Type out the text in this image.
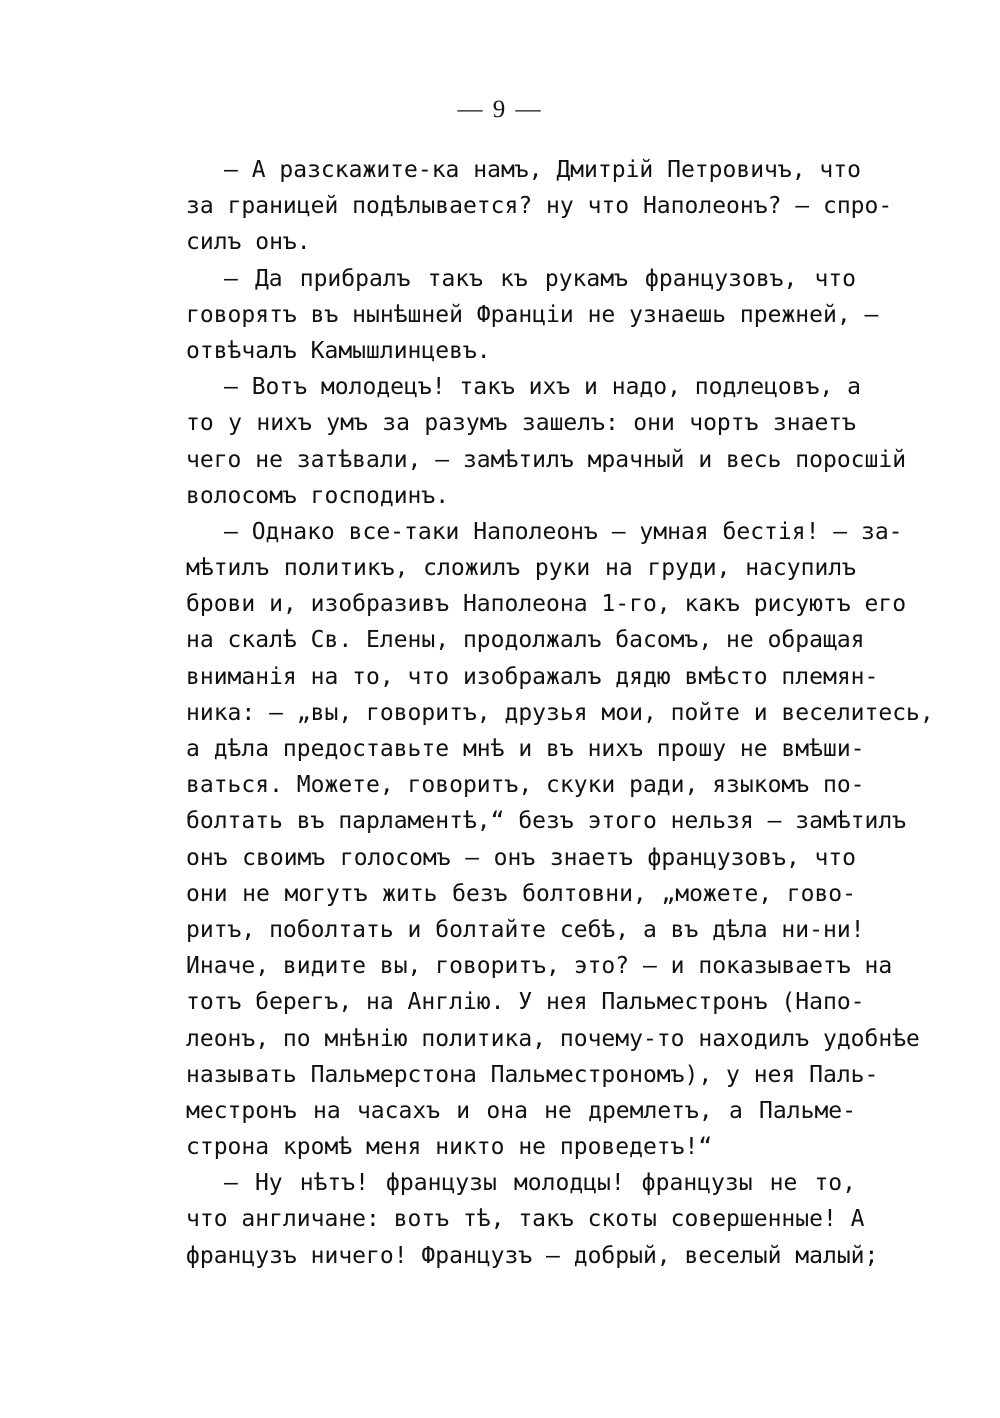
— 9 —
— А разскажите-ка намъ, Дмитрій Петровичъ, что
за границей подѣлывается? ну что Наполеонъ? — спро-
силъ онъ.
— Да прибралъ такъ къ рукамъ французовъ, что
говорятъ въ нынѣшней Франціи не узнаешь прежней, —
отвѣчалъ Камышлинцевъ.
— Вотъ молодецъ! такъ ихъ и надо, подлецовъ, а
то у нихъ умъ за разумъ зашелъ: они чортъ знаетъ
чего не затѣвали, — замѣтилъ мрачный и весь поросшій
волосомъ господинъ.
— Однако все-таки Наполеонъ — умная бестія! — за-
мѣтилъ политикъ, сложилъ руки на груди, насупилъ
брови и, изобразивъ Наполеона 1-го, какъ рисуютъ его
на скалѣ Св. Елены, продолжалъ басомъ, не обращая
вниманія на то, что изображалъ дядю вмѣсто племян-
ника: — „вы, говоритъ, друзья мои, пойте и веселитесь,
а дѣла предоставьте мнѣ и въ нихъ прошу не вмѣши-
ваться. Можете, говоритъ, скуки ради, языкомъ по-
болтать въ парламентѣ,“ безъ этого нельзя — замѣтилъ
онъ своимъ голосомъ — онъ знаетъ французовъ, что
они не могутъ жить безъ болтовни, „можете, гово-
ритъ, поболтать и болтайте себѣ, а въ дѣла ни-ни!
Иначе, видите вы, говоритъ, это? — и показываетъ на
тотъ берегъ, на Англію. У нея Пальместронъ (Напо-
леонъ, по мнѣнію политика, почему-то находилъ удобнѣе
называть Пальмерстона Пальместрономъ), у нея Паль-
местронъ на часахъ и она не дремлетъ, а Пальме-
строна кромѣ меня никто не проведетъ!“
— Ну нѣтъ! французы молодцы! французы не то,
что англичане: вотъ тѣ, такъ скоты совершенные! А
французъ ничего! Французъ — добрый, веселый малый;
